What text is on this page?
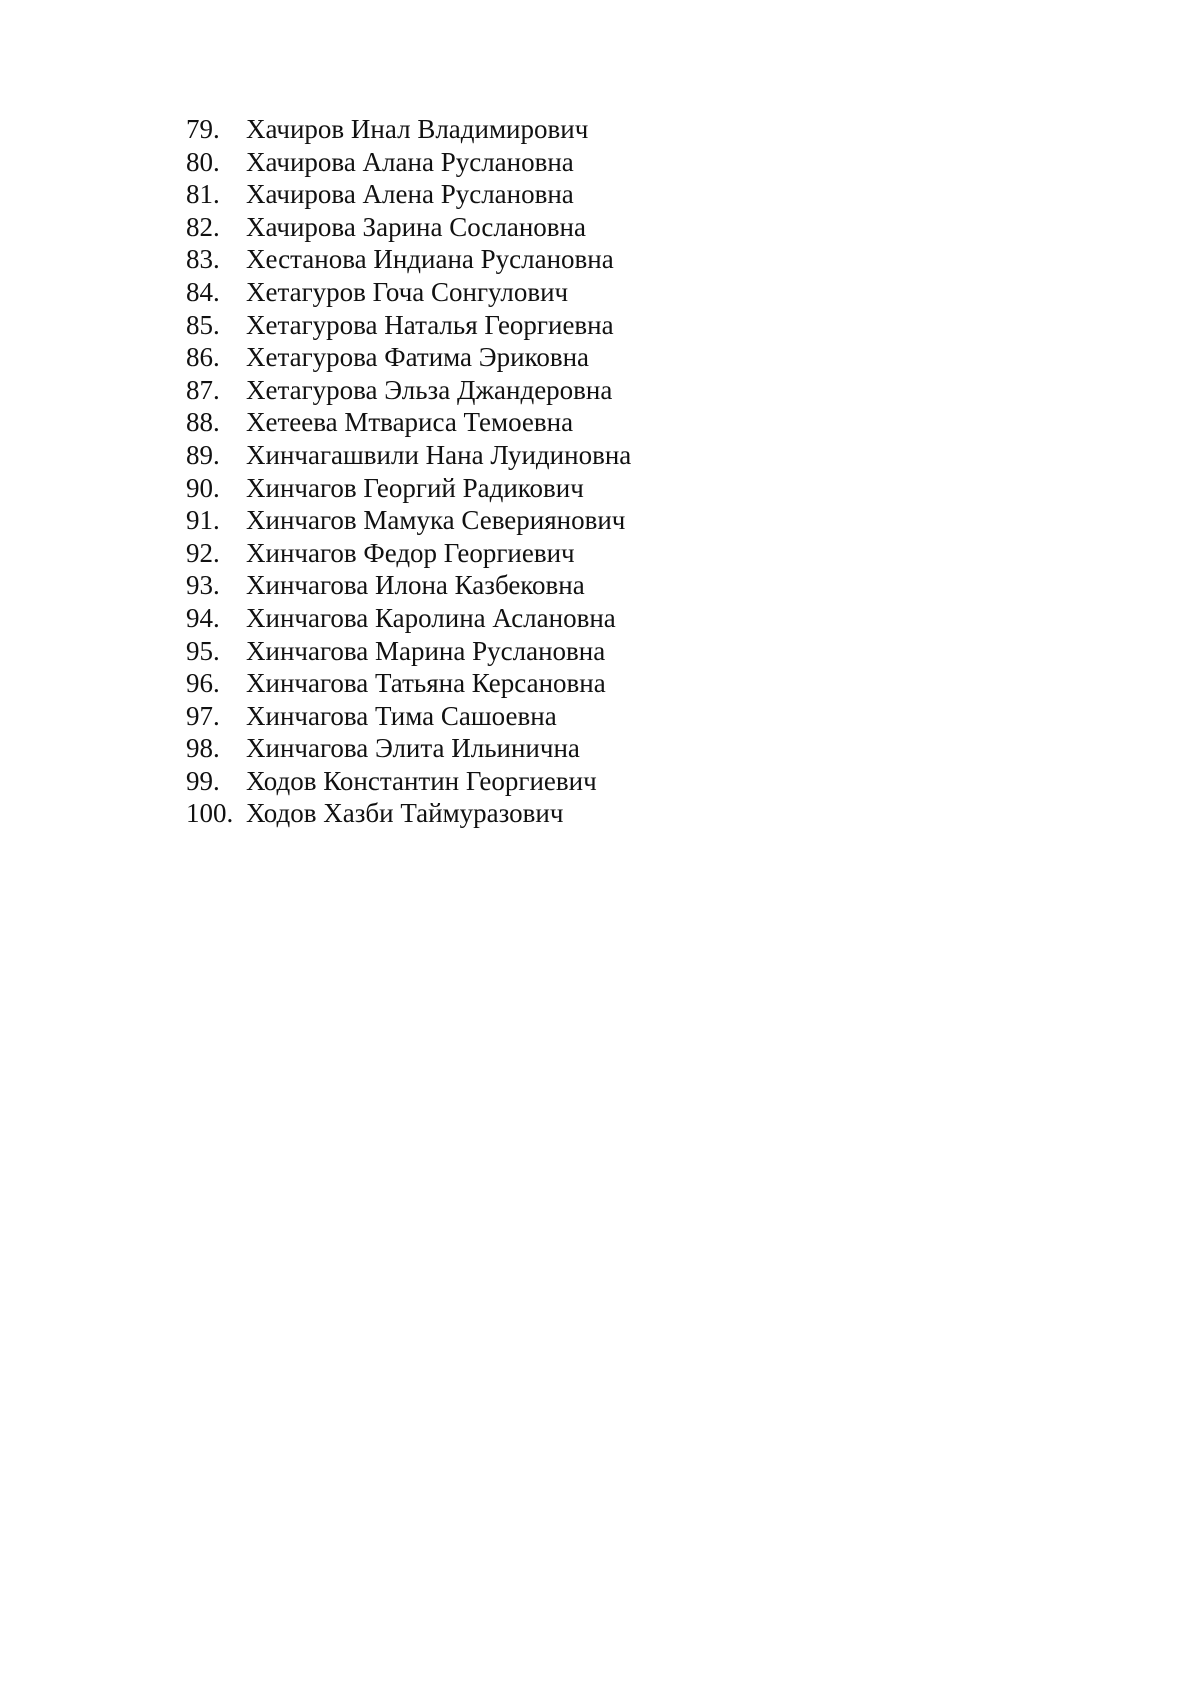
79. Хачиров Инал Владимирович
80. Хачирова Алана Руслановна
81. Хачирова Алена Руслановна
82. Хачирова Зарина Сослановна
83. Хестанова Индиана Руслановна
84. Хетагуров Гоча Сонгулович
85. Хетагурова Наталья Георгиевна
86. Хетагурова Фатима Эриковна
87. Хетагурова Эльза Джандеровна
88. Хетеева Мтвариса Темоевна
89. Хинчагашвили Нана Луидиновна
90. Хинчагов Георгий Радикович
91. Хинчагов Мамука Севериянович
92. Хинчагов Федор Георгиевич
93. Хинчагова Илона Казбековна
94. Хинчагова Каролина Аслановна
95. Хинчагова Марина Руслановна
96. Хинчагова Татьяна Керсановна
97. Хинчагова Тима Сашоевна
98. Хинчагова Элита Ильинична
99. Ходов Константин Георгиевич
100. Ходов Хазби Таймуразович
